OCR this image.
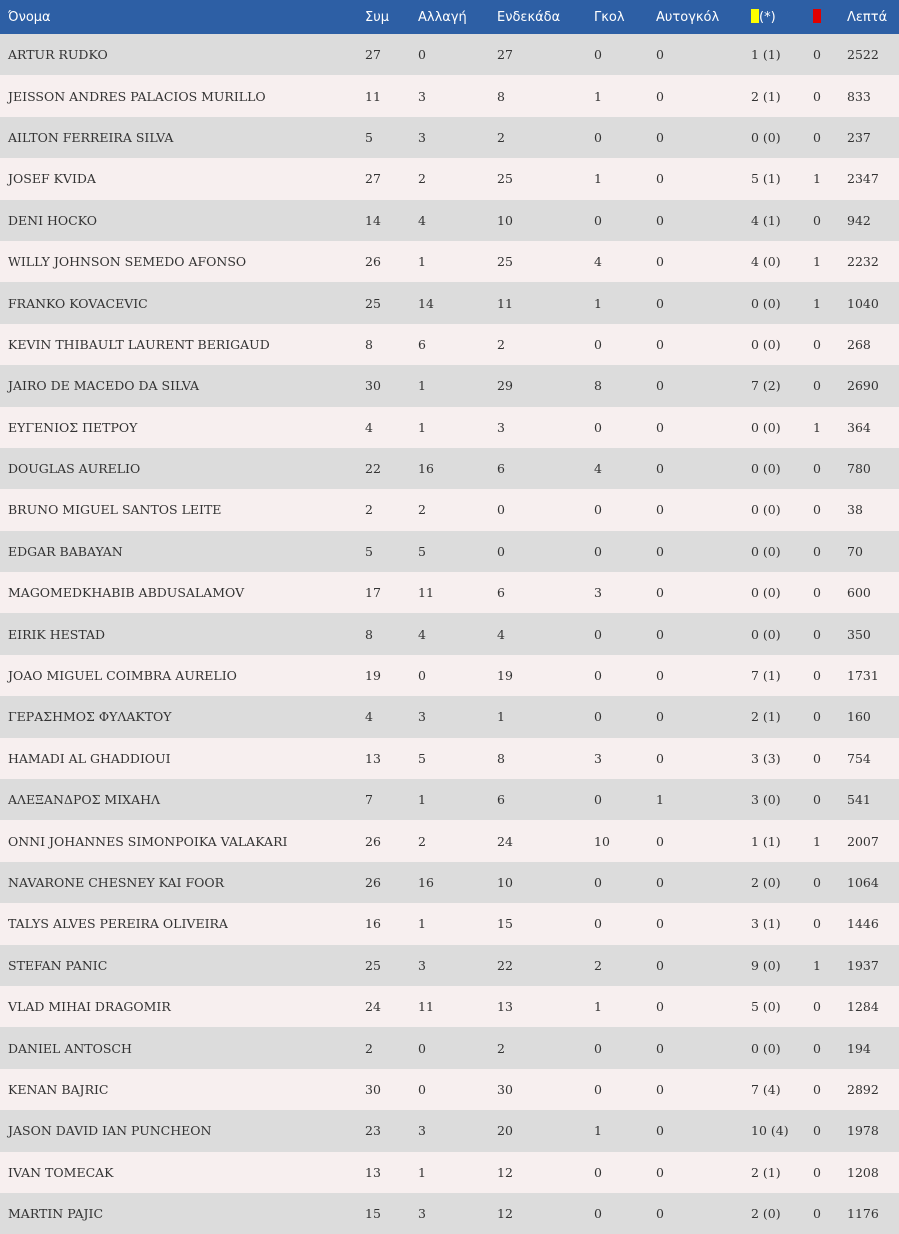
Όνομα	Συμ	Αλλαγή	Ενδεκάδα	Γκολ	Αυτογκόλ	(*)		Λεπτά
ARTUR RUDKO	27	0	27	0	0	1 (1)	0	2522
JEISSON ANDRES PALACIOS MURILLO	11	3	8	1	0	2 (1)	0	833
AILTON FERREIRA SILVA	5	3	2	0	0	0 (0)	0	237
JOSEF KVIDA	27	2	25	1	0	5 (1)	1	2347
DENI HOCKO	14	4	10	0	0	4 (1)	0	942
WILLY JOHNSON SEMEDO AFONSO	26	1	25	4	0	4 (0)	1	2232
FRANKO KOVACEVIC	25	14	11	1	0	0 (0)	1	1040
KEVIN THIBAULT LAURENT BERIGAUD	8	6	2	0	0	0 (0)	0	268
JAIRO DE MACEDO DA SILVA	30	1	29	8	0	7 (2)	0	2690
ΕΥΓΕΝΙΟΣ ΠΕΤΡΟΥ	4	1	3	0	0	0 (0)	1	364
DOUGLAS AURELIO	22	16	6	4	0	0 (0)	0	780
BRUNO MIGUEL SANTOS LEITE	2	2	0	0	0	0 (0)	0	38
EDGAR BABAYAN	5	5	0	0	0	0 (0)	0	70
MAGOMEDKHABIB ABDUSALAMOV	17	11	6	3	0	0 (0)	0	600
EIRIK HESTAD	8	4	4	0	0	0 (0)	0	350
JOAO MIGUEL COIMBRA AURELIO	19	0	19	0	0	7 (1)	0	1731
ΓΕΡΑΣΗΜΟΣ ΦΥΛΑΚΤΟΥ	4	3	1	0	0	2 (1)	0	160
HAMADI AL GHADDIOUI	13	5	8	3	0	3 (3)	0	754
ΑΛΕΞΑΝΔΡΟΣ ΜΙΧΑΗΛ	7	1	6	0	1	3 (0)	0	541
ONNI JOHANNES SIMONPOIKA VALAKARI	26	2	24	10	0	1 (1)	1	2007
NAVARONE CHESNEY KAI FOOR	26	16	10	0	0	2 (0)	0	1064
TALYS ALVES PEREIRA OLIVEIRA	16	1	15	0	0	3 (1)	0	1446
STEFAN PANIC	25	3	22	2	0	9 (0)	1	1937
VLAD MIHAI DRAGOMIR	24	11	13	1	0	5 (0)	0	1284
DANIEL ANTOSCH	2	0	2	0	0	0 (0)	0	194
KENAN BAJRIC	30	0	30	0	0	7 (4)	0	2892
JASON DAVID IAN PUNCHEON	23	3	20	1	0	10 (4)	0	1978
IVAN TOMECAK	13	1	12	0	0	2 (1)	0	1208
MARTIN PAJIC	15	3	12	0	0	2 (0)	0	1176
